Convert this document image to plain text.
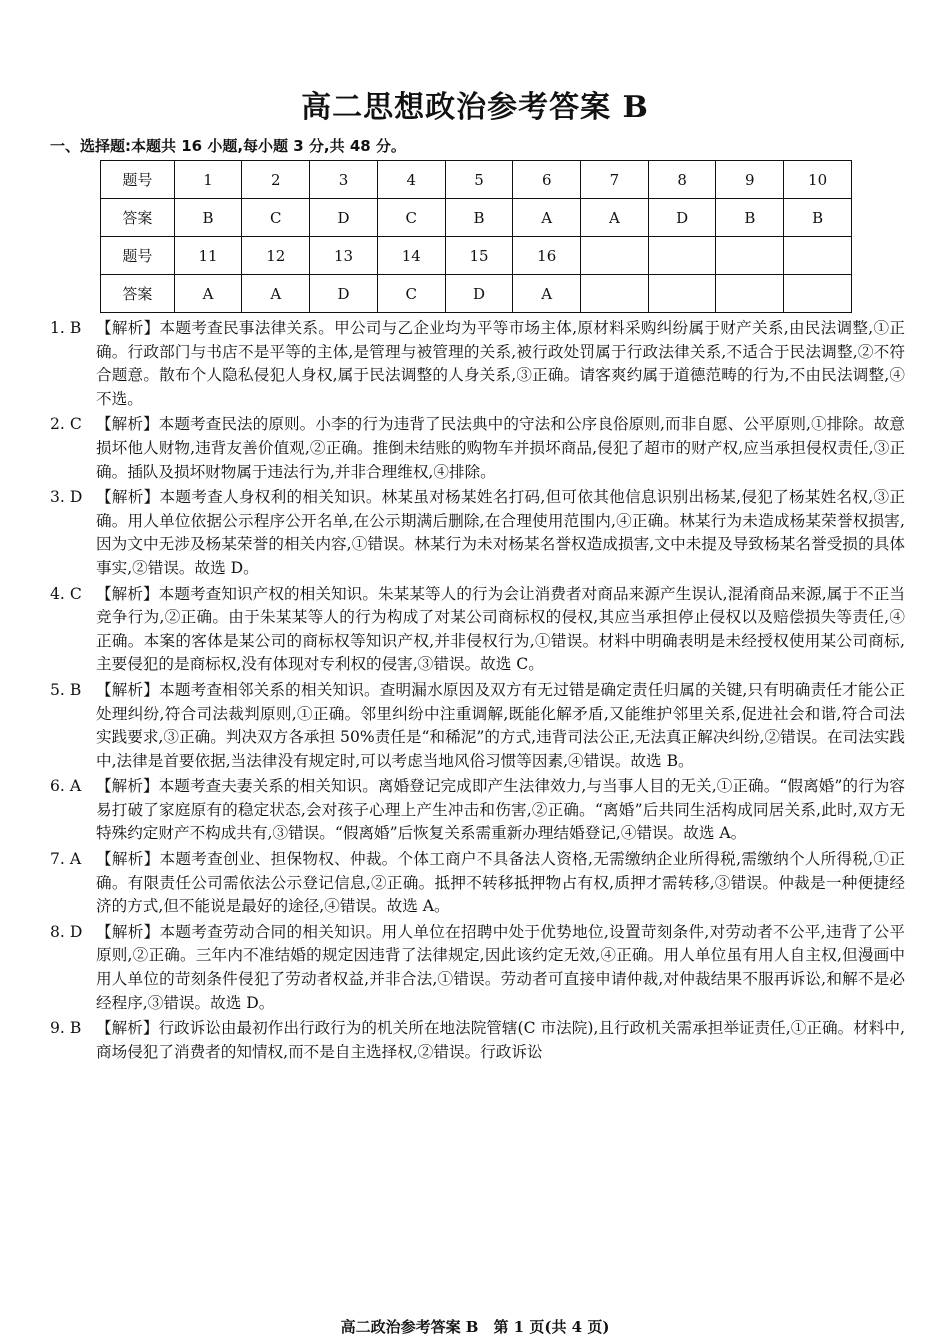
高二思想政治参考答案 B
一、选择题:本题共 16 小题,每小题 3 分,共 48 分。
题号	1	2	3	4	5	6	7	8	9	10
答案	B	C	D	C	B	A	A	D	B	B
题号	11	12	13	14	15	16				
答案	A	A	D	C	D	A				
1. B 【解析】本题考查民事法律关系。甲公司与乙企业均为平等市场主体,原材料采购纠纷属于财产关系,由民法调整,①正确。行政部门与书店不是平等的主体,是管理与被管理的关系,被行政处罚属于行政法律关系,不适合于民法调整,②不符合题意。散布个人隐私侵犯人身权,属于民法调整的人身关系,③正确。请客爽约属于道德范畴的行为,不由民法调整,④不选。
2. C 【解析】本题考查民法的原则。小李的行为违背了民法典中的守法和公序良俗原则,而非自愿、公平原则,①排除。故意损坏他人财物,违背友善价值观,②正确。推倒未结账的购物车并损坏商品,侵犯了超市的财产权,应当承担侵权责任,③正确。插队及损坏财物属于违法行为,并非合理维权,④排除。
3. D 【解析】本题考查人身权利的相关知识。林某虽对杨某姓名打码,但可依其他信息识别出杨某,侵犯了杨某姓名权,③正确。用人单位依据公示程序公开名单,在公示期满后删除,在合理使用范围内,④正确。林某行为未造成杨某荣誉权损害,因为文中无涉及杨某荣誉的相关内容,①错误。林某行为未对杨某名誉权造成损害,文中未提及导致杨某名誉受损的具体事实,②错误。故选 D。
4. C 【解析】本题考查知识产权的相关知识。朱某某等人的行为会让消费者对商品来源产生误认,混淆商品来源,属于不正当竞争行为,②正确。由于朱某某等人的行为构成了对某公司商标权的侵权,其应当承担停止侵权以及赔偿损失等责任,④正确。本案的客体是某公司的商标权等知识产权,并非侵权行为,①错误。材料中明确表明是未经授权使用某公司商标,主要侵犯的是商标权,没有体现对专利权的侵害,③错误。故选 C。
5. B 【解析】本题考查相邻关系的相关知识。查明漏水原因及双方有无过错是确定责任归属的关键,只有明确责任才能公正处理纠纷,符合司法裁判原则,①正确。邻里纠纷中注重调解,既能化解矛盾,又能维护邻里关系,促进社会和谐,符合司法实践要求,③正确。判决双方各承担 50%责任是“和稀泥”的方式,违背司法公正,无法真正解决纠纷,②错误。在司法实践中,法律是首要依据,当法律没有规定时,可以考虑当地风俗习惯等因素,④错误。故选 B。
6. A 【解析】本题考查夫妻关系的相关知识。离婚登记完成即产生法律效力,与当事人目的无关,①正确。“假离婚”的行为容易打破了家庭原有的稳定状态,会对孩子心理上产生冲击和伤害,②正确。“离婚”后共同生活构成同居关系,此时,双方无特殊约定财产不构成共有,③错误。“假离婚”后恢复关系需重新办理结婚登记,④错误。故选 A。
7. A 【解析】本题考查创业、担保物权、仲裁。个体工商户不具备法人资格,无需缴纳企业所得税,需缴纳个人所得税,①正确。有限责任公司需依法公示登记信息,②正确。抵押不转移抵押物占有权,质押才需转移,③错误。仲裁是一种便捷经济的方式,但不能说是最好的途径,④错误。故选 A。
8. D 【解析】本题考查劳动合同的相关知识。用人单位在招聘中处于优势地位,设置苛刻条件,对劳动者不公平,违背了公平原则,②正确。三年内不准结婚的规定因违背了法律规定,因此该约定无效,④正确。用人单位虽有用人自主权,但漫画中用人单位的苛刻条件侵犯了劳动者权益,并非合法,①错误。劳动者可直接申请仲裁,对仲裁结果不服再诉讼,和解不是必经程序,③错误。故选 D。
9. B 【解析】行政诉讼由最初作出行政行为的机关所在地法院管辖(C 市法院),且行政机关需承担举证责任,①正确。材料中,商场侵犯了消费者的知情权,而不是自主选择权,②错误。行政诉讼
高二政治参考答案 B　第 1 页(共 4 页)
